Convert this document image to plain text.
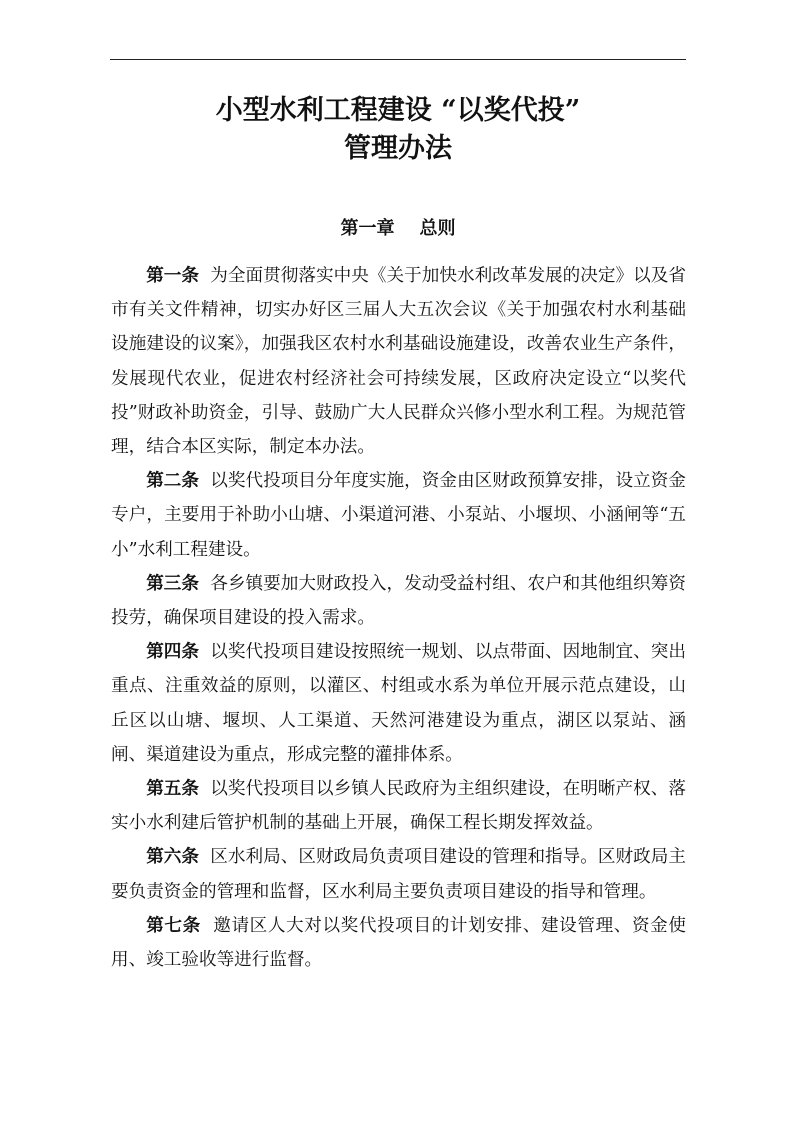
小型水利工程建设 “以奖代投”
管理办法
第一章    总则

第一条 为全面贯彻落实中央《关于加快水利改革发展的决定》以及省市有关文件精神，切实办好区三届人大五次会议《关于加强农村水利基础设施建设的议案》，加强我区农村水利基础设施建设，改善农业生产条件，发展现代农业，促进农村经济社会可持续发展，区政府决定设立“以奖代投”财政补助资金，引导、鼓励广大人民群众兴修小型水利工程。为规范管理，结合本区实际，制定本办法。

第二条 以奖代投项目分年度实施，资金由区财政预算安排，设立资金专户，主要用于补助小山塘、小渠道河港、小泵站、小堰坝、小涵闸等“五小”水利工程建设。

第三条 各乡镇要加大财政投入，发动受益村组、农户和其他组织筹资投劳，确保项目建设的投入需求。

第四条 以奖代投项目建设按照统一规划、以点带面、因地制宜、突出重点、注重效益的原则，以灌区、村组或水系为单位开展示范点建设，山丘区以山塘、堰坝、人工渠道、天然河港建设为重点，湖区以泵站、涵闸、渠道建设为重点，形成完整的灌排体系。

第五条 以奖代投项目以乡镇人民政府为主组织建设，在明晰产权、落实小水利建后管护机制的基础上开展，确保工程长期发挥效益。

第六条 区水利局、区财政局负责项目建设的管理和指导。区财政局主要负责资金的管理和监督，区水利局主要负责项目建设的指导和管理。

第七条 邀请区人大对以奖代投项目的计划安排、建设管理、资金使用、竣工验收等进行监督。
